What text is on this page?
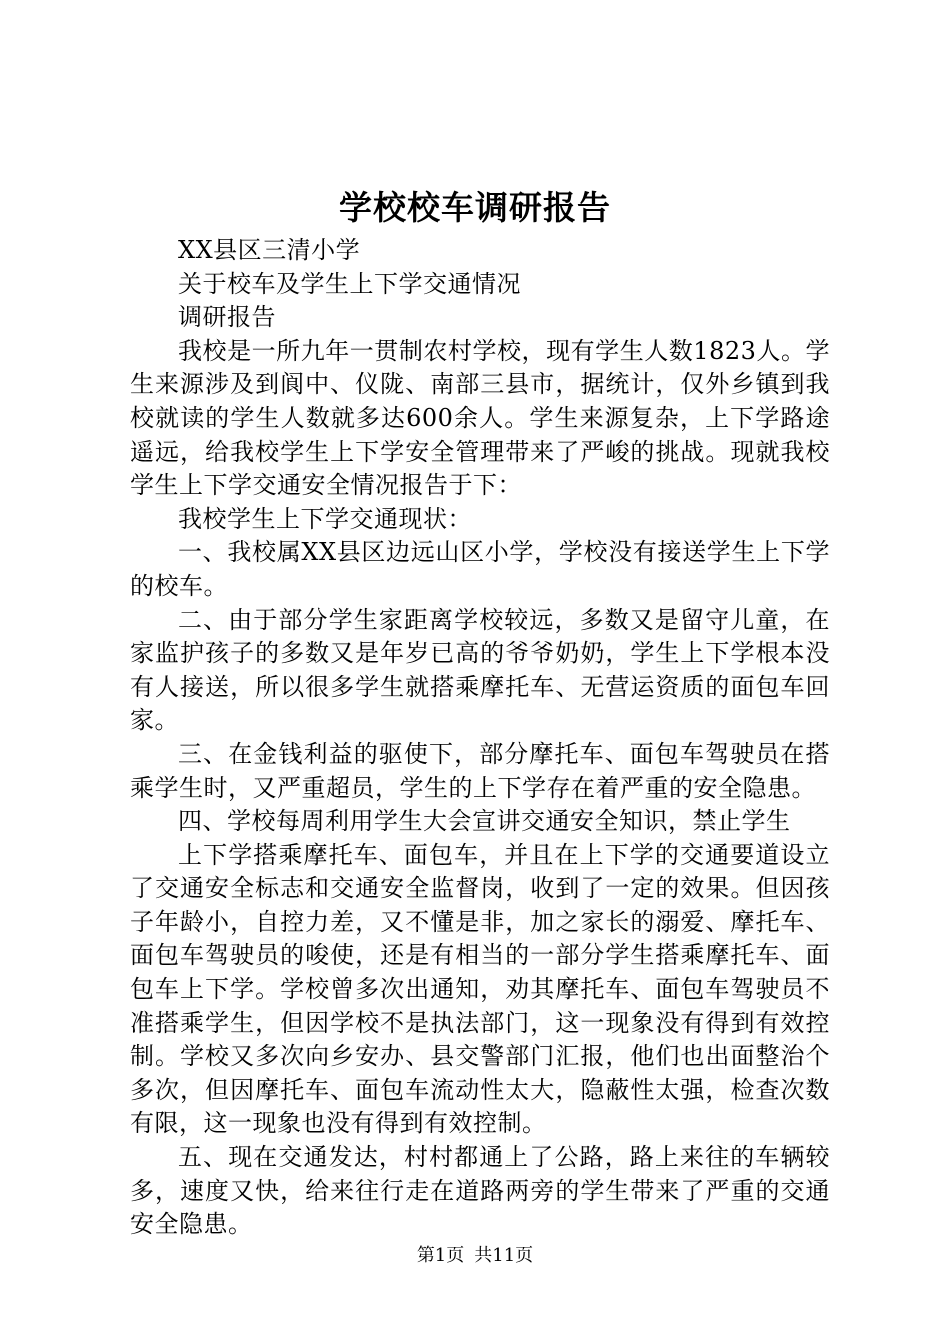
学校校车调研报告

XX县区三清小学

关于校车及学生上下学交通情况

调研报告

我校是一所九年一贯制农村学校，现有学生人数1823人。学生来源涉及到阆中、仪陇、南部三县市，据统计，仅外乡镇到我校就读的学生人数就多达600余人。学生来源复杂，上下学路途遥远，给我校学生上下学安全管理带来了严峻的挑战。现就我校学生上下学交通安全情况报告于下：

我校学生上下学交通现状：

一、我校属XX县区边远山区小学，学校没有接送学生上下学的校车。

二、由于部分学生家距离学校较远，多数又是留守儿童，在家监护孩子的多数又是年岁已高的爷爷奶奶，学生上下学根本没有人接送，所以很多学生就搭乘摩托车、无营运资质的面包车回家。

三、在金钱利益的驱使下，部分摩托车、面包车驾驶员在搭乘学生时，又严重超员，学生的上下学存在着严重的安全隐患。

四、学校每周利用学生大会宣讲交通安全知识，禁止学生

上下学搭乘摩托车、面包车，并且在上下学的交通要道设立了交通安全标志和交通安全监督岗，收到了一定的效果。但因孩子年龄小，自控力差，又不懂是非，加之家长的溺爱、摩托车、面包车驾驶员的唆使，还是有相当的一部分学生搭乘摩托车、面包车上下学。学校曾多次出通知，劝其摩托车、面包车驾驶员不准搭乘学生，但因学校不是执法部门，这一现象没有得到有效控制。学校又多次向乡安办、县交警部门汇报，他们也出面整治个多次，但因摩托车、面包车流动性太大，隐蔽性太强，检查次数有限，这一现象也没有得到有效控制。

五、现在交通发达，村村都通上了公路，路上来往的车辆较多，速度又快，给来往行走在道路两旁的学生带来了严重的交通安全隐患。

第1页 共11页
